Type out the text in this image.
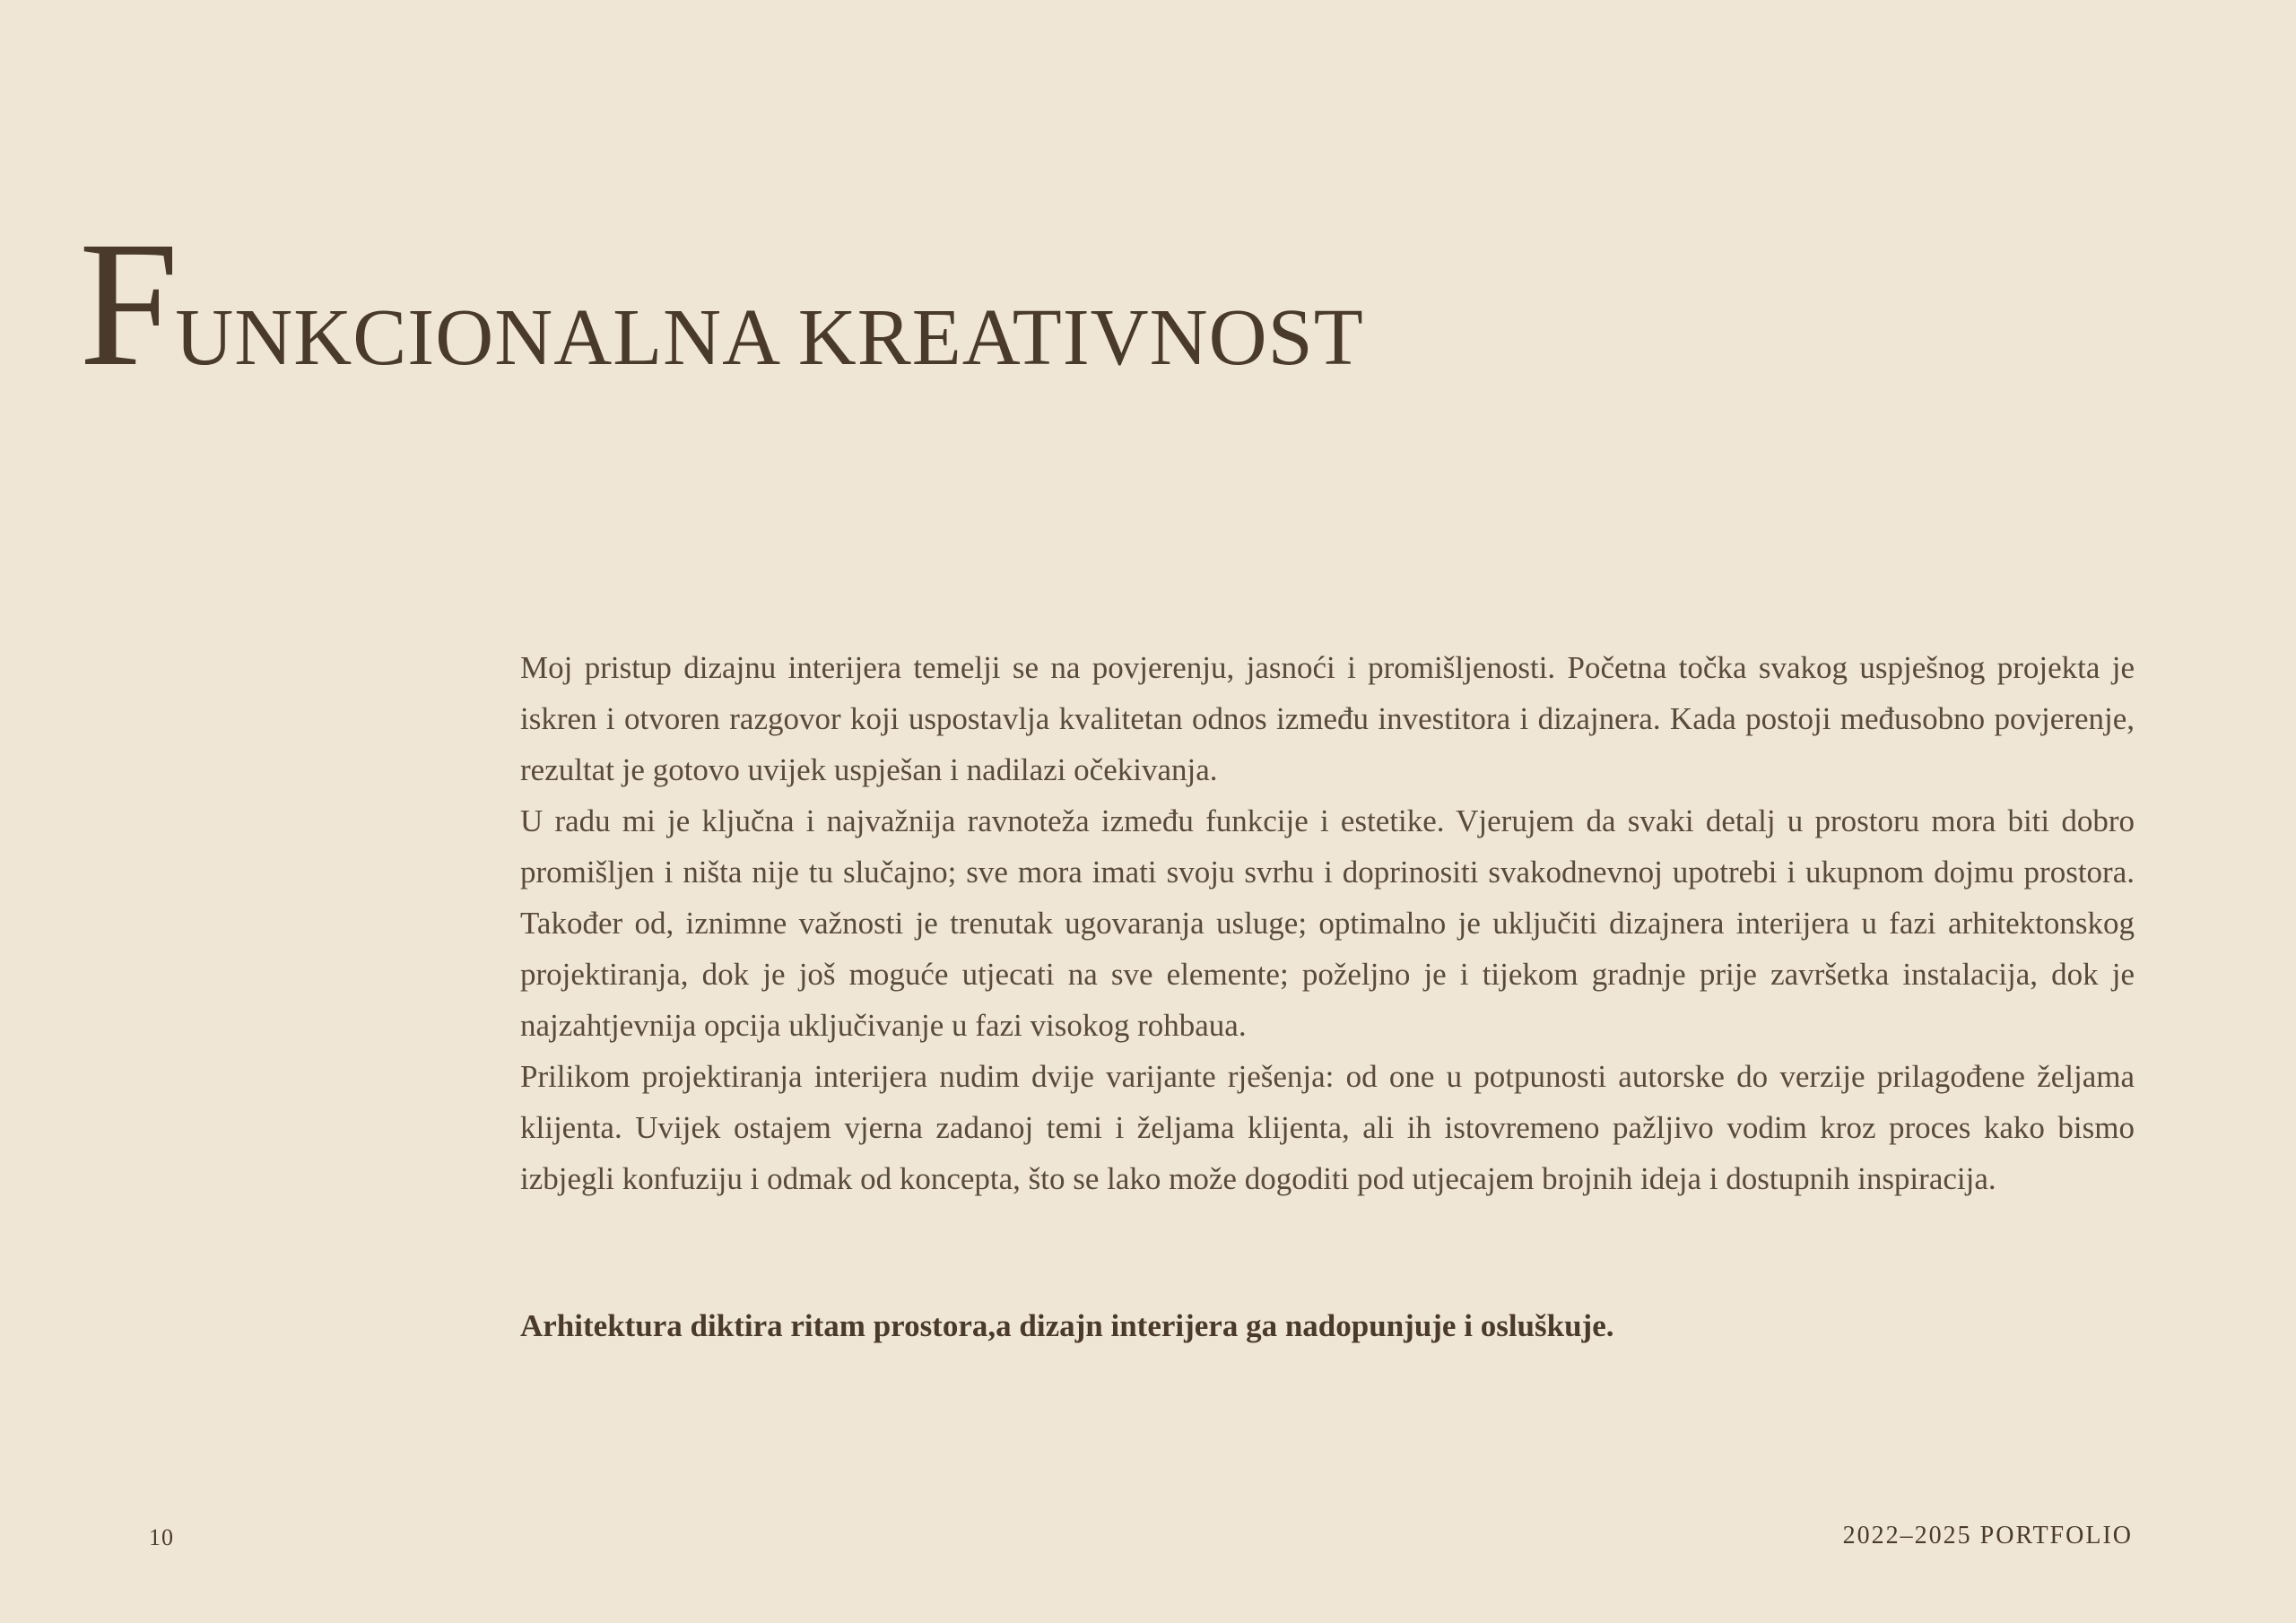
FUNKCIONALNA KREATIVNOST

Moj pristup dizajnu interijera temelji se na povjerenju, jasnoći i promišljenosti. Početna točka svakog uspješnog projekta je iskren i otvoren razgovor koji uspostavlja kvalitetan odnos između investitora i dizajnera. Kada postoji međusobno povjerenje, rezultat je gotovo uvijek uspješan i nadilazi očekivanja.

U radu mi je ključna i najvažnija ravnoteža između funkcije i estetike. Vjerujem da svaki detalj u prostoru mora biti dobro promišljen i ništa nije tu slučajno; sve mora imati svoju svrhu i doprinositi svakodnevnoj upotrebi i ukupnom dojmu prostora. Također od, iznimne važnosti je trenutak ugovaranja usluge; optimalno je uključiti dizajnera interijera u fazi arhitektonskog projektiranja, dok je još moguće utjecati na sve elemente; poželjno je i tijekom gradnje prije završetka instalacija, dok je najzahtjevnija opcija uključivanje u fazi visokog rohbaua.

Prilikom projektiranja interijera nudim dvije varijante rješenja: od one u potpunosti autorske do verzije prilagođene željama klijenta. Uvijek ostajem vjerna zadanoj temi i željama klijenta, ali ih istovremeno pažljivo vodim kroz proces kako bismo izbjegli konfuziju i odmak od koncepta, što se lako može dogoditi pod utjecajem brojnih ideja i dostupnih inspiracija.

Arhitektura diktira ritam prostora,a dizajn interijera ga nadopunjuje i osluškuje.
10	2022–2025 PORTFOLIO
